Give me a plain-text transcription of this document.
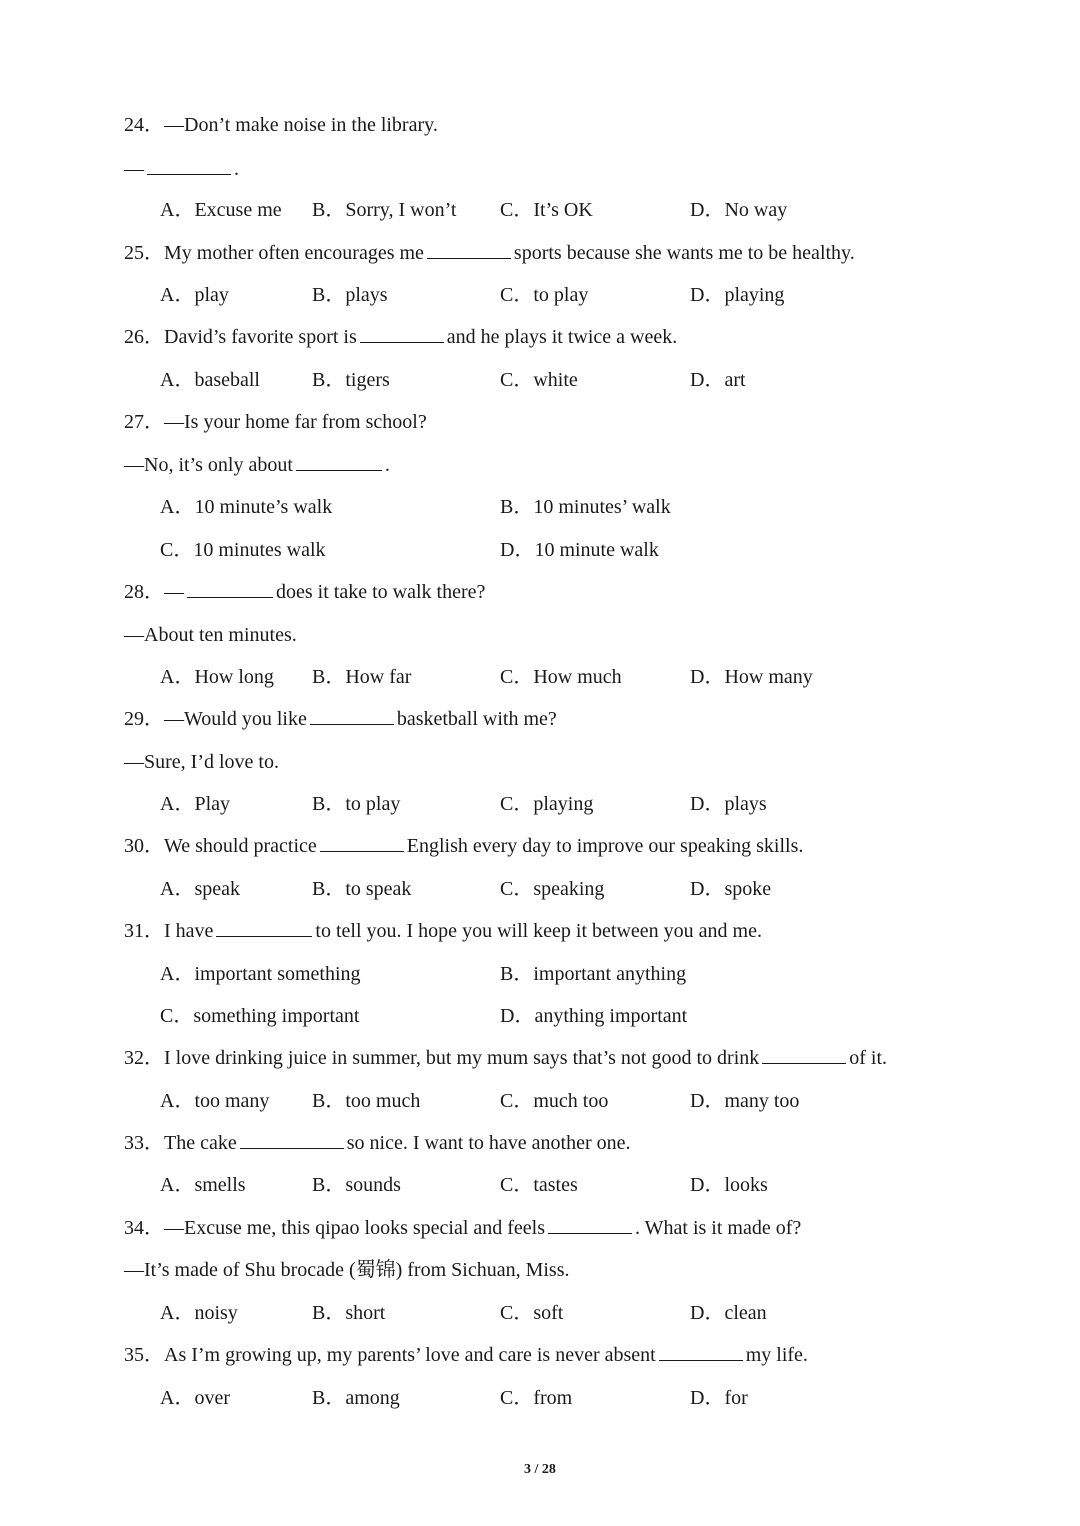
24．—Don’t make noise in the library.
—	.
A．Excuse me B．Sorry, I won’t C．It’s OK	D．No way
25．My mother often encourages me	sports because she wants me to be healthy.
A．play	B．plays	C．to play	D．playing
26．David’s favorite sport is	and he plays it twice a week.
A．baseball	B．tigers	C．white	D．art
27．—Is your home far from school?
—No, it’s only about	.
A．10 minute’s walk	B．10 minutes’ walk
C．10 minutes walk	D．10 minute walk
28．—	does it take to walk there?
—About ten minutes.
A．How long B．How far	C．How much	D．How many
29．—Would you like	basketball with me?
—Sure, I’d love to.
A．Play	B．to play	C．playing	D．plays
30．We should practice	English every day to improve our speaking skills.
A．speak	B．to speak	C．speaking	D．spoke
31．I have	to tell you. I hope you will keep it between you and me.
A．important something	B．important anything
C．something important	D．anything important
32．I love drinking juice in summer, but my mum says that’s not good to drink	of it.
A．too many B．too much	C．much too	D．many too
33．The cake	so nice. I want to have another one.
A．smells	B．sounds	C．tastes	D．looks
34．—Excuse me, this qipao looks special and feels	. What is it made of?
—It’s made of Shu brocade (蜀锦) from Sichuan, Miss.
A．noisy	B．short	C．soft	D．clean
35．As I’m growing up, my parents’ love and care is never absent	my life.
A．over	B．among	C．from	D．for
3 / 28
